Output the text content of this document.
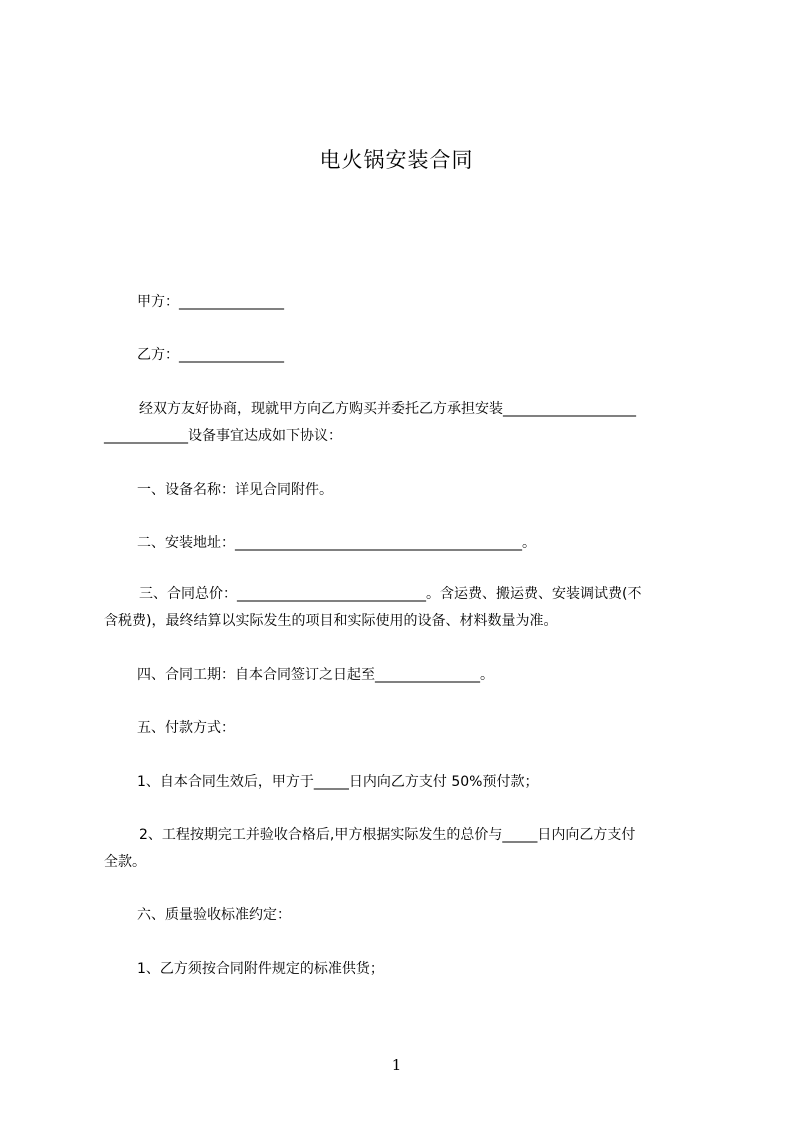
电火锅安装合同
甲方：_______________
乙方：_______________
经双方友好协商，现就甲方向乙方购买并委托乙方承担安装___________________
____________设备事宜达成如下协议：
一、设备名称：详见合同附件。
二、安装地址：_________________________________________。
三、合同总价：___________________________。含运费、搬运费、安装调试费(不
含税费)，最终结算以实际发生的项目和实际使用的设备、材料数量为准。
四、合同工期：自本合同签订之日起至_______________。
五、付款方式：
1、自本合同生效后，甲方于_____日内向乙方支付 50%预付款；
2、工程按期完工并验收合格后,甲方根据实际发生的总价与_____日内向乙方支付
全款。
六、质量验收标准约定：
1、乙方须按合同附件规定的标准供货；
1
